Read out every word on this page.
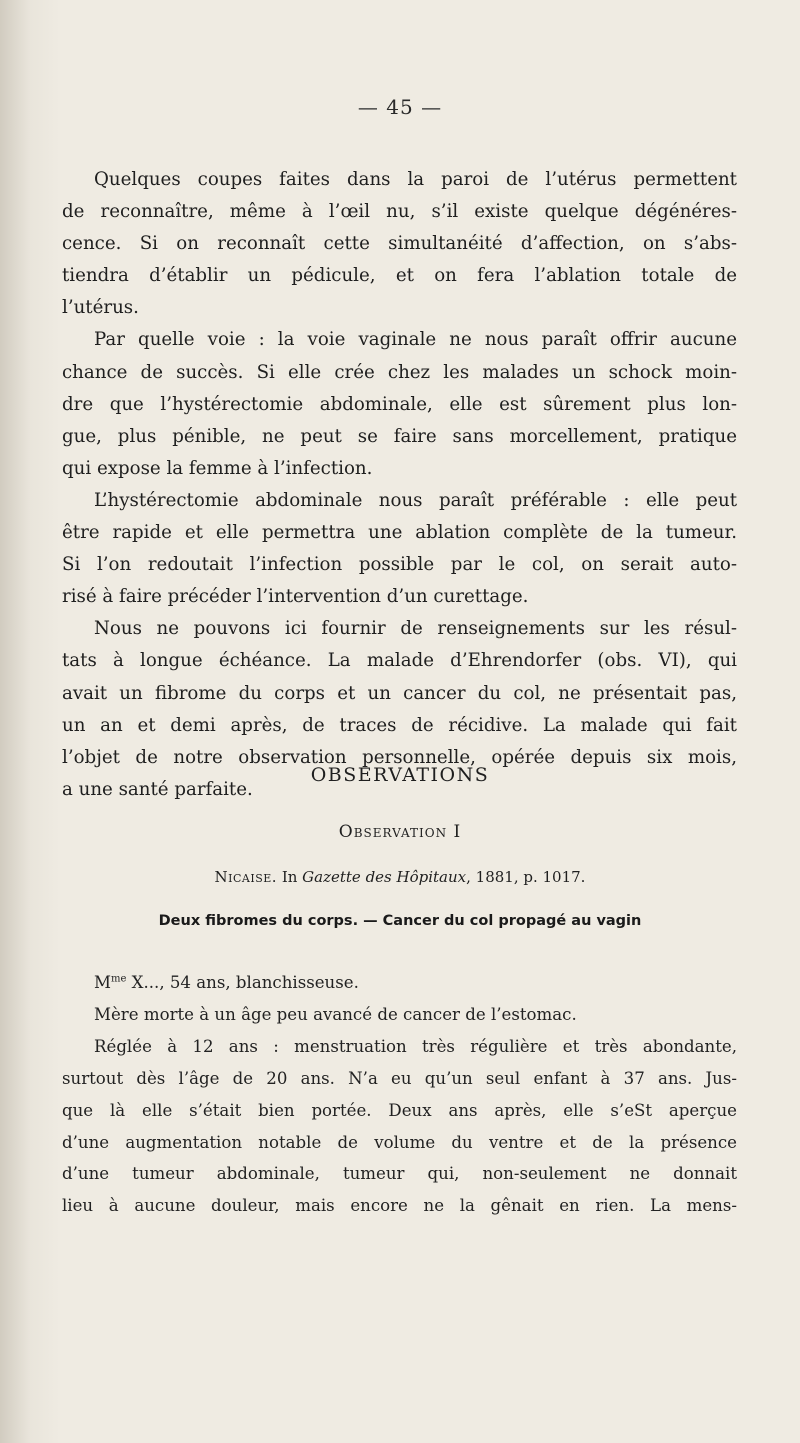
— 45 —
Quelques coupes faites dans la paroi de l’utérus permettent
de reconnaître, même à l’œil nu, s’il existe quelque dégénéres-
cence. Si on reconnaît cette simultanéité d’affection, on s’abs-
tiendra d’établir un pédicule, et on fera l’ablation totale de
l’utérus.
Par quelle voie : la voie vaginale ne nous paraît offrir aucune
chance de succès. Si elle crée chez les malades un schock moin-
dre que l’hystérectomie abdominale, elle est sûrement plus lon-
gue, plus pénible, ne peut se faire sans morcellement, pratique
qui expose la femme à l’infection.
L’hystérectomie abdominale nous paraît préférable : elle peut
être rapide et elle permettra une ablation complète de la tumeur.
Si l’on redoutait l’infection possible par le col, on serait auto-
risé à faire précéder l’intervention d’un curettage.
Nous ne pouvons ici fournir de renseignements sur les résul-
tats à longue échéance. La malade d’Ehrendorfer (obs. VI), qui
avait un fibrome du corps et un cancer du col, ne présentait pas,
un an et demi après, de traces de récidive. La malade qui fait
l’objet de notre observation personnelle, opérée depuis six mois,
a une santé parfaite.
OBSERVATIONS
Observation I
Nicaise. In Gazette des Hôpitaux, 1881, p. 1017.
Deux fibromes du corps. — Cancer du col propagé au vagin
$M^{me}$ X..., 54 ans, blanchisseuse.
Mère morte à un âge peu avancé de cancer de l’estomac.
Réglée à 12 ans : menstruation très régulière et très abondante,
surtout dès l’âge de 20 ans. N’a eu qu’un seul enfant à 37 ans. Jus-
que là elle s’était bien portée. Deux ans après, elle s’eSt aperçue
d’une augmentation notable de volume du ventre et de la présence
d’une tumeur abdominale, tumeur qui, non-seulement ne donnait
lieu à aucune douleur, mais encore ne la gênait en rien. La mens-
